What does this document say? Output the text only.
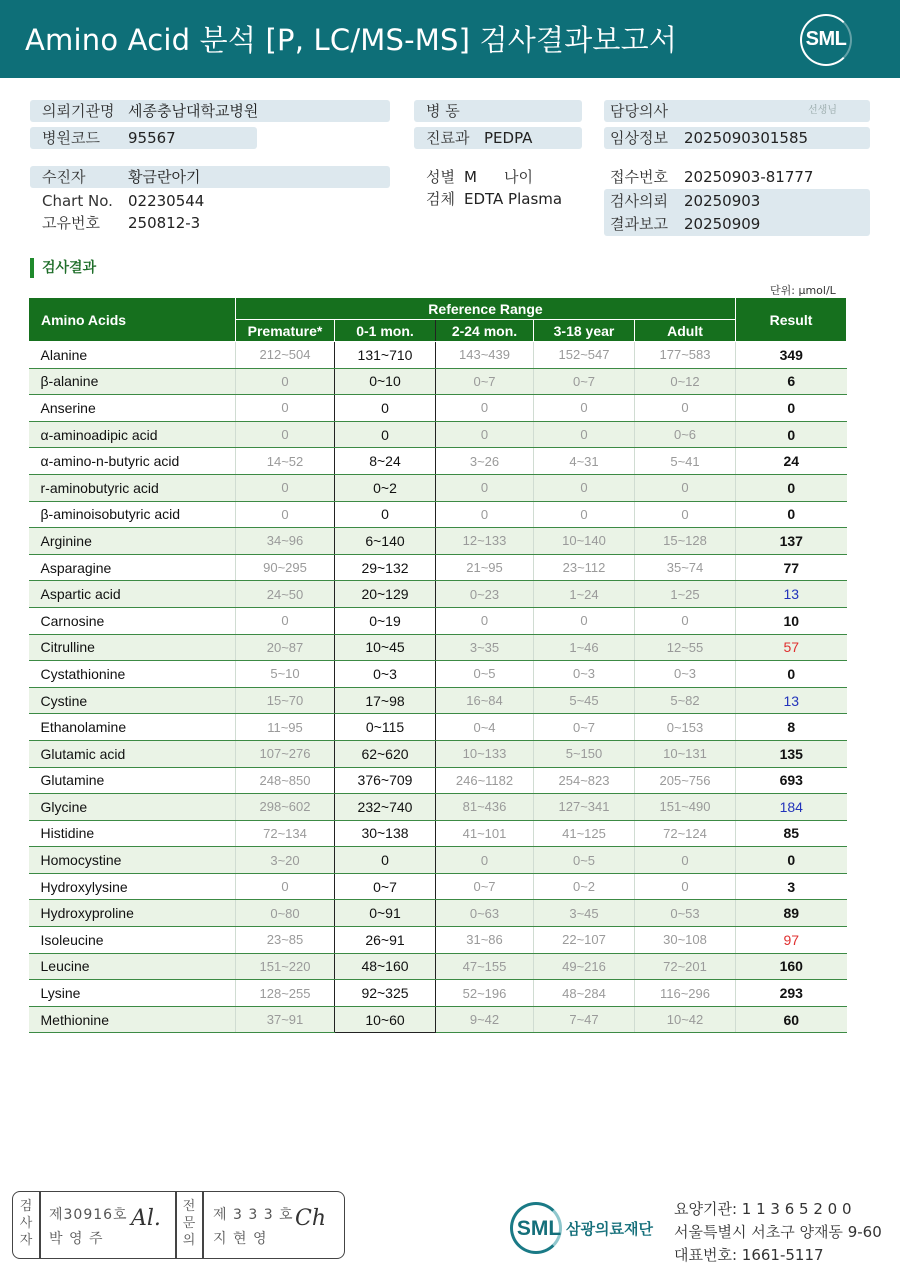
Amino Acid 분석 [P, LC/MS-MS] 검사결과보고서	SML
의뢰기관명 세종충남대학교병원
병원코드 95567
수진자	황금란아기
Chart No. 02230544
고유번호 250812-3
병 동
진료과 PEDPA
성별 M 나이
검체 EDTA Plasma
담당의사	선생님
임상정보 2025090301585
접수번호 20250903-81777
검사의뢰 20250903
결과보고 20250909
검사결과
단위: μmol/L
Amino Acids	Reference Range					Result
	Premature*	0-1 mon.	2-24 mon.	3-18 year	Adult	
Alanine	212~504	131~710	143~439	152~547	177~583	349
β-alanine	0	0~10	0~7	0~7	0~12	6
Anserine	0	0	0	0	0	0
α-aminoadipic acid	0	0	0	0	0~6	0
α-amino-n-butyric acid	14~52	8~24	3~26	4~31	5~41	24
r-aminobutyric acid	0	0~2	0	0	0	0
β-aminoisobutyric acid	0	0	0	0	0	0
Arginine	34~96	6~140	12~133	10~140	15~128	137
Asparagine	90~295	29~132	21~95	23~112	35~74	77
Aspartic acid	24~50	20~129	0~23	1~24	1~25	13
Carnosine	0	0~19	0	0	0	10
Citrulline	20~87	10~45	3~35	1~46	12~55	57
Cystathionine	5~10	0~3	0~5	0~3	0~3	0
Cystine	15~70	17~98	16~84	5~45	5~82	13
Ethanolamine	11~95	0~115	0~4	0~7	0~153	8
Glutamic acid	107~276	62~620	10~133	5~150	10~131	135
Glutamine	248~850	376~709	246~1182	254~823	205~756	693
Glycine	298~602	232~740	81~436	127~341	151~490	184
Histidine	72~134	30~138	41~101	41~125	72~124	85
Homocystine	3~20	0	0	0~5	0	0
Hydroxylysine	0	0~7	0~7	0~2	0	3
Hydroxyproline	0~80	0~91	0~63	3~45	0~53	89
Isoleucine	23~85	26~91	31~86	22~107	30~108	97
Leucine	151~220	48~160	47~155	49~216	72~201	160
Lysine	128~255	92~325	52~196	48~284	116~296	293
Methionine	37~91	10~60	9~42	7~47	10~42	60
검
사
자
제30916호
박 영 주
Al. 전
문
의
제 3 3 3 호
지 현 영
Ch	SML 삼광의료재단
요양기관: 1 1 3 6 5 2 0 0
서울특별시 서초구 양재동 9-60
대표번호: 1661-5117
